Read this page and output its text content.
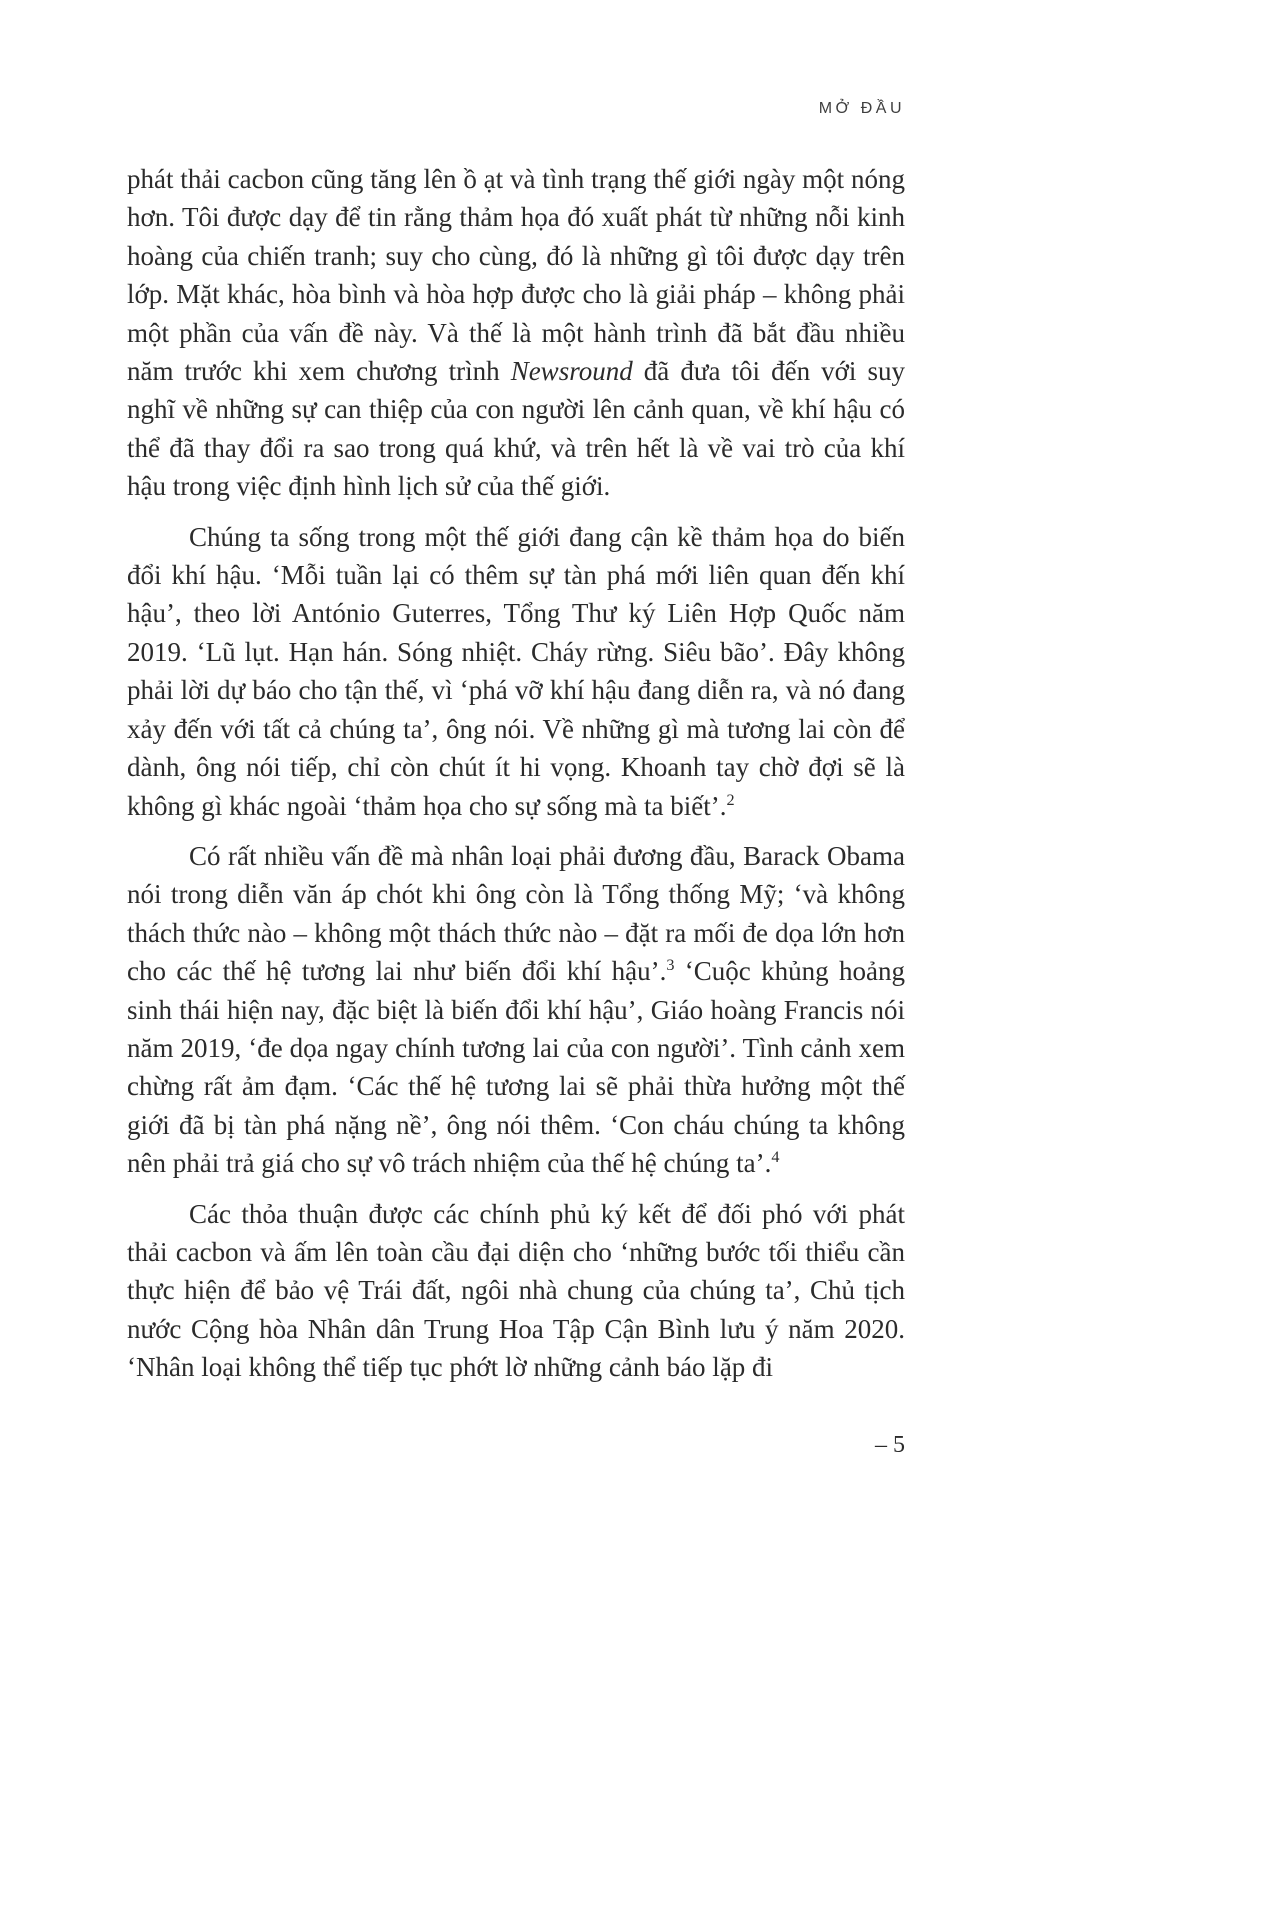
MỞ ĐẦU

phát thải cacbon cũng tăng lên ồ ạt và tình trạng thế giới ngày một nóng hơn. Tôi được dạy để tin rằng thảm họa đó xuất phát từ những nỗi kinh hoàng của chiến tranh; suy cho cùng, đó là những gì tôi được dạy trên lớp. Mặt khác, hòa bình và hòa hợp được cho là giải pháp – không phải một phần của vấn đề này. Và thế là một hành trình đã bắt đầu nhiều năm trước khi xem chương trình Newsround đã đưa tôi đến với suy nghĩ về những sự can thiệp của con người lên cảnh quan, về khí hậu có thể đã thay đổi ra sao trong quá khứ, và trên hết là về vai trò của khí hậu trong việc định hình lịch sử của thế giới.

Chúng ta sống trong một thế giới đang cận kề thảm họa do biến đổi khí hậu. ‘Mỗi tuần lại có thêm sự tàn phá mới liên quan đến khí hậu’, theo lời António Guterres, Tổng Thư ký Liên Hợp Quốc năm 2019. ‘Lũ lụt. Hạn hán. Sóng nhiệt. Cháy rừng. Siêu bão’. Đây không phải lời dự báo cho tận thế, vì ‘phá vỡ khí hậu đang diễn ra, và nó đang xảy đến với tất cả chúng ta’, ông nói. Về những gì mà tương lai còn để dành, ông nói tiếp, chỉ còn chút ít hi vọng. Khoanh tay chờ đợi sẽ là không gì khác ngoài ‘thảm họa cho sự sống mà ta biết’.$^2$

Có rất nhiều vấn đề mà nhân loại phải đương đầu, Barack Obama nói trong diễn văn áp chót khi ông còn là Tổng thống Mỹ; ‘và không thách thức nào – không một thách thức nào – đặt ra mối đe dọa lớn hơn cho các thế hệ tương lai như biến đổi khí hậu’.$^3$ ‘Cuộc khủng hoảng sinh thái hiện nay, đặc biệt là biến đổi khí hậu’, Giáo hoàng Francis nói năm 2019, ‘đe dọa ngay chính tương lai của con người’. Tình cảnh xem chừng rất ảm đạm. ‘Các thế hệ tương lai sẽ phải thừa hưởng một thế giới đã bị tàn phá nặng nề’, ông nói thêm. ‘Con cháu chúng ta không nên phải trả giá cho sự vô trách nhiệm của thế hệ chúng ta’.$^4$

Các thỏa thuận được các chính phủ ký kết để đối phó với phát thải cacbon và ấm lên toàn cầu đại diện cho ‘những bước tối thiểu cần thực hiện để bảo vệ Trái đất, ngôi nhà chung của chúng ta’, Chủ tịch nước Cộng hòa Nhân dân Trung Hoa Tập Cận Bình lưu ý năm 2020. ‘Nhân loại không thể tiếp tục phớt lờ những cảnh báo lặp đi

– 5
